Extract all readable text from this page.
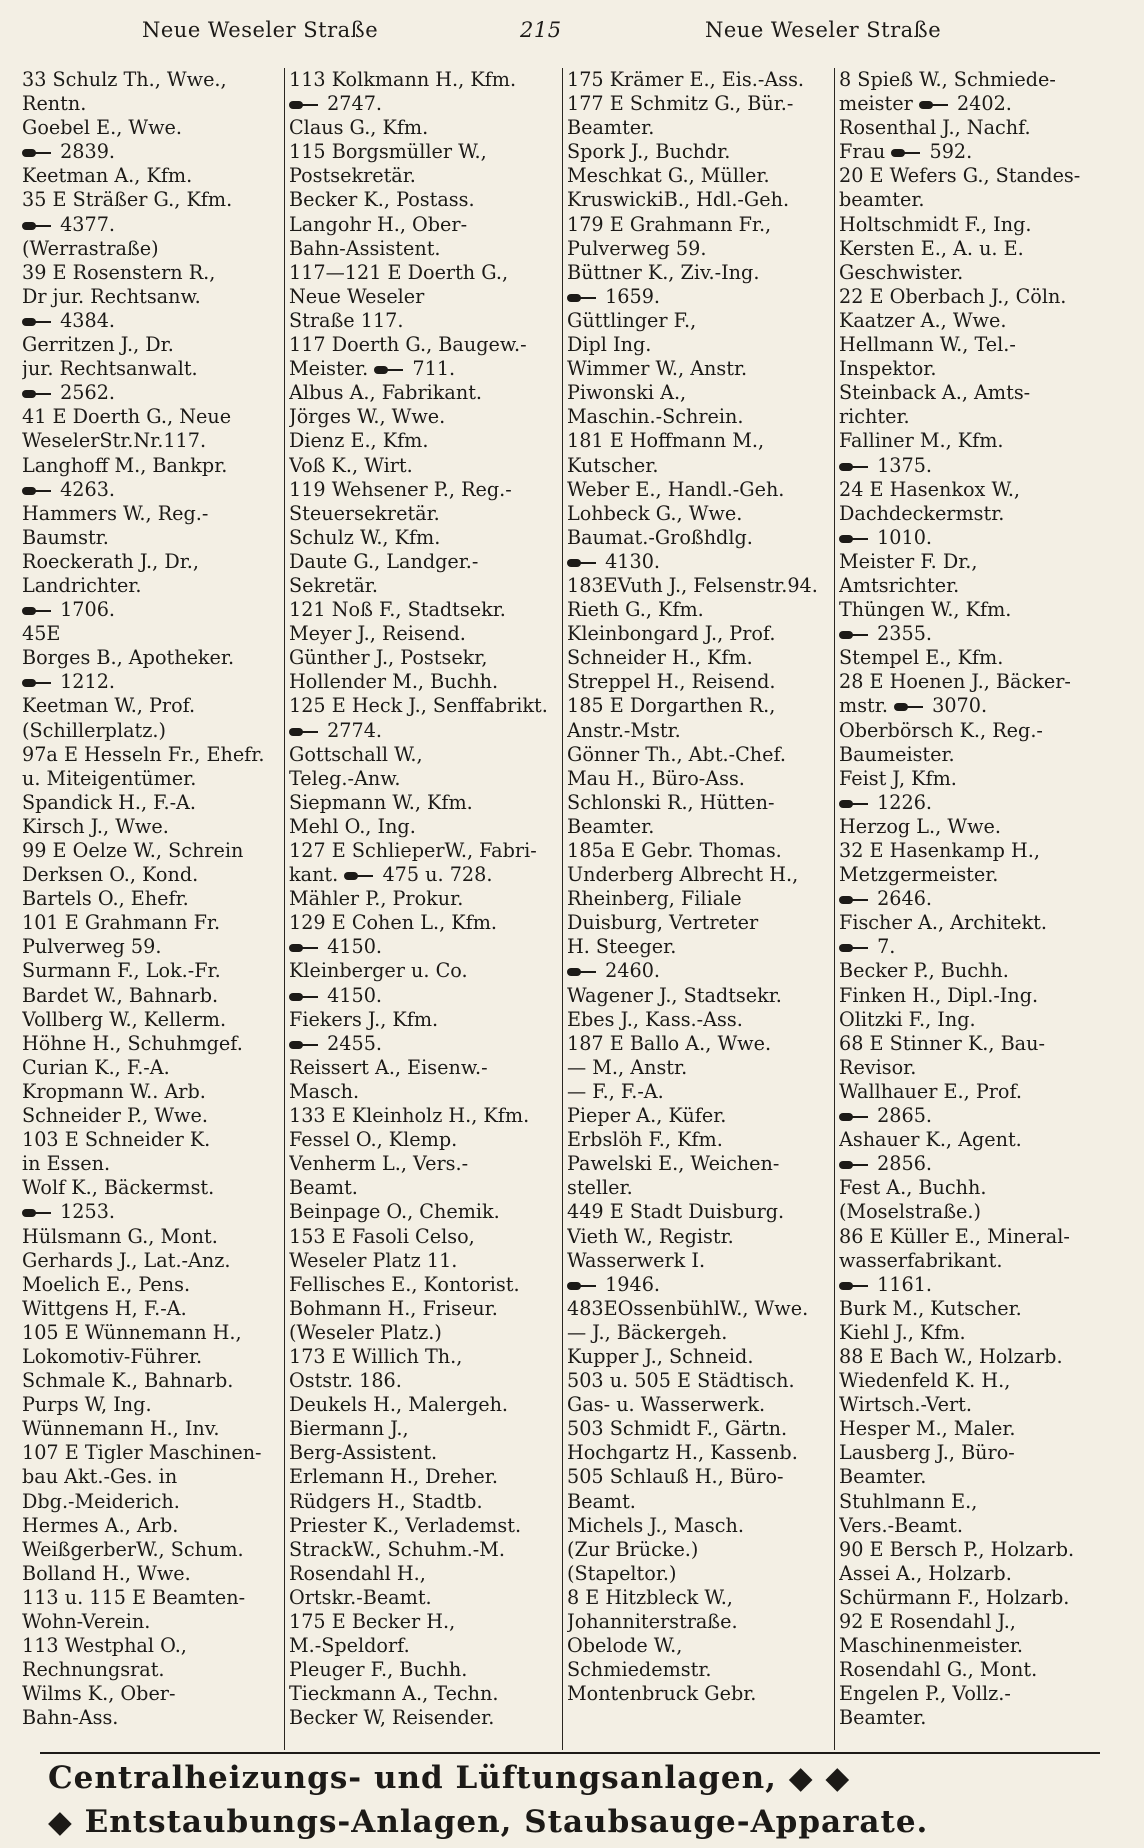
Neue Weseler Straße	215	Neue Weseler Straße
33 Schulz Th., Wwe.,
Rentn.
Goebel E., Wwe.
2839.
Keetman A., Kfm.
35 E Sträßer G., Kfm.
4377.
(Werrastraße)
39 E Rosenstern R.,
Dr jur. Rechtsanw.
4384.
Gerritzen J., Dr.
jur. Rechtsanwalt.
2562.
41 E Doerth G., Neue
WeselerStr.Nr.117.
Langhoff M., Bankpr.
4263.
Hammers W., Reg.-
Baumstr.
Roeckerath J., Dr.,
Landrichter.
1706.
45E
Borges B., Apotheker.
1212.
Keetman W., Prof.
(Schillerplatz.)
97a E Hesseln Fr., Ehefr.
u. Miteigentümer.
Spandick H., F.-A.
Kirsch J., Wwe.
99 E Oelze W., Schrein
Derksen O., Kond.
Bartels O., Ehefr.
101 E Grahmann Fr.
Pulverweg 59.
Surmann F., Lok.-Fr.
Bardet W., Bahnarb.
Vollberg W., Kellerm.
Höhne H., Schuhmgef.
Curian K., F.-A.
Kropmann W.. Arb.
Schneider P., Wwe.
103 E Schneider K.
in Essen.
Wolf K., Bäckermst.
1253.
Hülsmann G., Mont.
Gerhards J., Lat.-Anz.
Moelich E., Pens.
Wittgens H, F.-A.
105 E Wünnemann H.,
Lokomotiv-Führer.
Schmale K., Bahnarb.
Purps W, Ing.
Wünnemann H., Inv.
107 E Tigler Maschinen-
bau Akt.-Ges. in
Dbg.-Meiderich.
Hermes A., Arb.
WeißgerberW., Schum.
Bolland H., Wwe.
113 u. 115 E Beamten-
Wohn-Verein.
113 Westphal O.,
Rechnungsrat.
Wilms K., Ober-
Bahn-Ass.
113 Kolkmann H., Kfm.
2747.
Claus G., Kfm.
115 Borgsmüller W.,
Postsekretär.
Becker K., Postass.
Langohr H., Ober-
Bahn-Assistent.
117—121 E Doerth G.,
Neue Weseler
Straße 117.
117 Doerth G., Baugew.-
Meister.  711.
Albus A., Fabrikant.
Jörges W., Wwe.
Dienz E., Kfm.
Voß K., Wirt.
119 Wehsener P., Reg.-
Steuersekretär.
Schulz W., Kfm.
Daute G., Landger.-
Sekretär.
121 Noß F., Stadtsekr.
Meyer J., Reisend.
Günther J., Postsekr,
Hollender M., Buchh.
125 E Heck J., Senffabrikt.
2774.
Gottschall W.,
Teleg.-Anw.
Siepmann W., Kfm.
Mehl O., Ing.
127 E SchlieperW., Fabri-
kant.  475 u. 728.
Mähler P., Prokur.
129 E Cohen L., Kfm.
4150.
Kleinberger u. Co.
4150.
Fiekers J., Kfm.
2455.
Reissert A., Eisenw.-
Masch.
133 E Kleinholz H., Kfm.
Fessel O., Klemp.
Venherm L., Vers.-
Beamt.
Beinpage O., Chemik.
153 E Fasoli Celso,
Weseler Platz 11.
Fellisches E., Kontorist.
Bohmann H., Friseur.
(Weseler Platz.)
173 E Willich Th.,
Oststr. 186.
Deukels H., Malergeh.
Biermann J.,
Berg-Assistent.
Erlemann H., Dreher.
Rüdgers H., Stadtb.
Priester K., Verlademst.
StrackW., Schuhm.-M.
Rosendahl H.,
Ortskr.-Beamt.
175 E Becker H.,
M.-Speldorf.
Pleuger F., Buchh.
Tieckmann A., Techn.
Becker W, Reisender.
175 Krämer E., Eis.-Ass.
177 E Schmitz G., Bür.-
Beamter.
Spork J., Buchdr.
Meschkat G., Müller.
KruswickiB., Hdl.-Geh.
179 E Grahmann Fr.,
Pulverweg 59.
Büttner K., Ziv.-Ing.
1659.
Güttlinger F.,
Dipl Ing.
Wimmer W., Anstr.
Piwonski A.,
Maschin.-Schrein.
181 E Hoffmann M.,
Kutscher.
Weber E., Handl.-Geh.
Lohbeck G., Wwe.
Baumat.-Großhdlg.
4130.
183EVuth J., Felsenstr.94.
Rieth G., Kfm.
Kleinbongard J., Prof.
Schneider H., Kfm.
Streppel H., Reisend.
185 E Dorgarthen R.,
Anstr.-Mstr.
Gönner Th., Abt.-Chef.
Mau H., Büro-Ass.
Schlonski R., Hütten-
Beamter.
185a E Gebr. Thomas.
Underberg Albrecht H.,
Rheinberg, Filiale
Duisburg, Vertreter
H. Steeger.
2460.
Wagener J., Stadtsekr.
Ebes J., Kass.-Ass.
187 E Ballo A., Wwe.
— M., Anstr.
— F., F.-A.
Pieper A., Küfer.
Erbslöh F., Kfm.
Pawelski E., Weichen-
steller.
449 E Stadt Duisburg.
Vieth W., Registr.
Wasserwerk I.
1946.
483EOssenbühlW., Wwe.
— J., Bäckergeh.
Kupper J., Schneid.
503 u. 505 E Städtisch.
Gas- u. Wasserwerk.
503 Schmidt F., Gärtn.
Hochgartz H., Kassenb.
505 Schlauß H., Büro-
Beamt.
Michels J., Masch.
(Zur Brücke.)
(Stapeltor.)
8 E Hitzbleck W.,
Johanniterstraße.
Obelode W.,
Schmiedemstr.
Montenbruck Gebr.
8 Spieß W., Schmiede-
meister  2402.
Rosenthal J., Nachf.
Frau  592.
20 E Wefers G., Standes-
beamter.
Holtschmidt F., Ing.
Kersten E., A. u. E.
Geschwister.
22 E Oberbach J., Cöln.
Kaatzer A., Wwe.
Hellmann W., Tel.-
Inspektor.
Steinback A., Amts-
richter.
Falliner M., Kfm.
1375.
24 E Hasenkox W.,
Dachdeckermstr.
1010.
Meister F. Dr.,
Amtsrichter.
Thüngen W., Kfm.
2355.
Stempel E., Kfm.
28 E Hoenen J., Bäcker-
mstr.  3070.
Oberbörsch K., Reg.-
Baumeister.
Feist J, Kfm.
1226.
Herzog L., Wwe.
32 E Hasenkamp H.,
Metzgermeister.
2646.
Fischer A., Architekt.
7.
Becker P., Buchh.
Finken H., Dipl.-Ing.
Olitzki F., Ing.
68 E Stinner K., Bau-
Revisor.
Wallhauer E., Prof.
2865.
Ashauer K., Agent.
2856.
Fest A., Buchh.
(Moselstraße.)
86 E Küller E., Mineral-
wasserfabrikant.
1161.
Burk M., Kutscher.
Kiehl J., Kfm.
88 E Bach W., Holzarb.
Wiedenfeld K. H.,
Wirtsch.-Vert.
Hesper M., Maler.
Lausberg J., Büro-
Beamter.
Stuhlmann E.,
Vers.-Beamt.
90 E Bersch P., Holzarb.
Assei A., Holzarb.
Schürmann F., Holzarb.
92 E Rosendahl J.,
Maschinenmeister.
Rosendahl G., Mont.
Engelen P., Vollz.-
Beamter.
Centralheizungs- und Lüftungsanlagen, ◆ ◆
◆ Entstaubungs-Anlagen, Staubsauge-Apparate.
